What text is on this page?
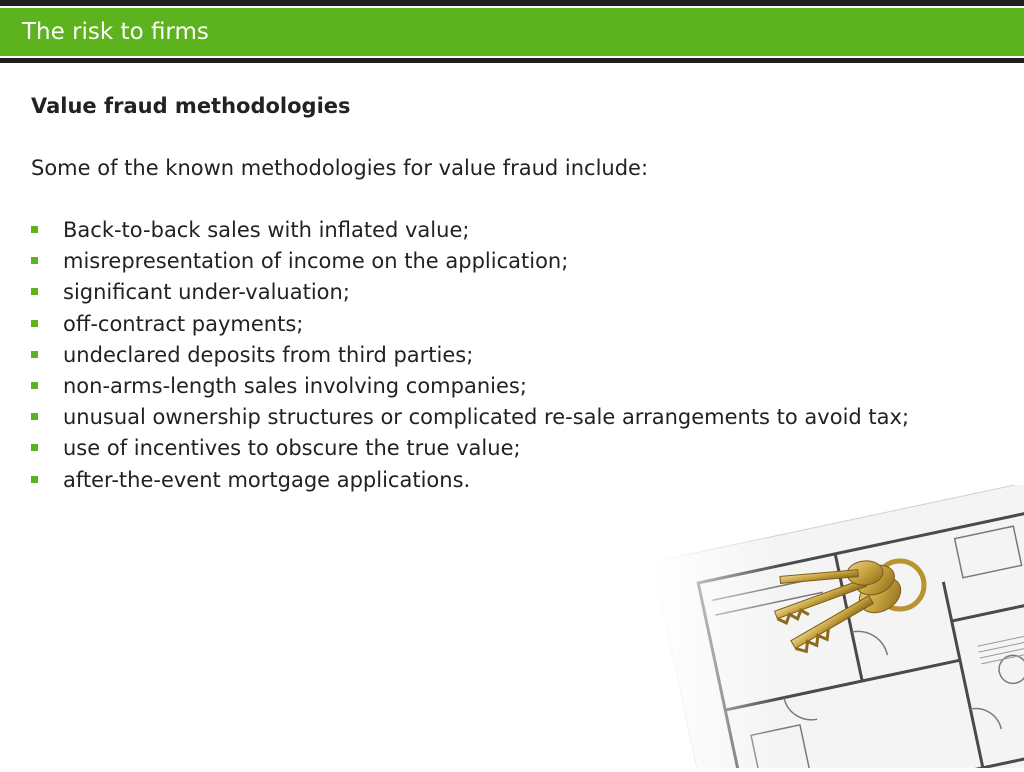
The risk to firms
Value fraud methodologies
Some of the known methodologies for value fraud include:
Back-to-back sales with inflated value;
misrepresentation of income on the application;
significant under-valuation;
off-contract payments;
undeclared deposits from third parties;
non-arms-length sales involving companies;
unusual ownership structures or complicated re-sale arrangements to avoid tax;
use of incentives to obscure the true value;
after-the-event mortgage applications.
